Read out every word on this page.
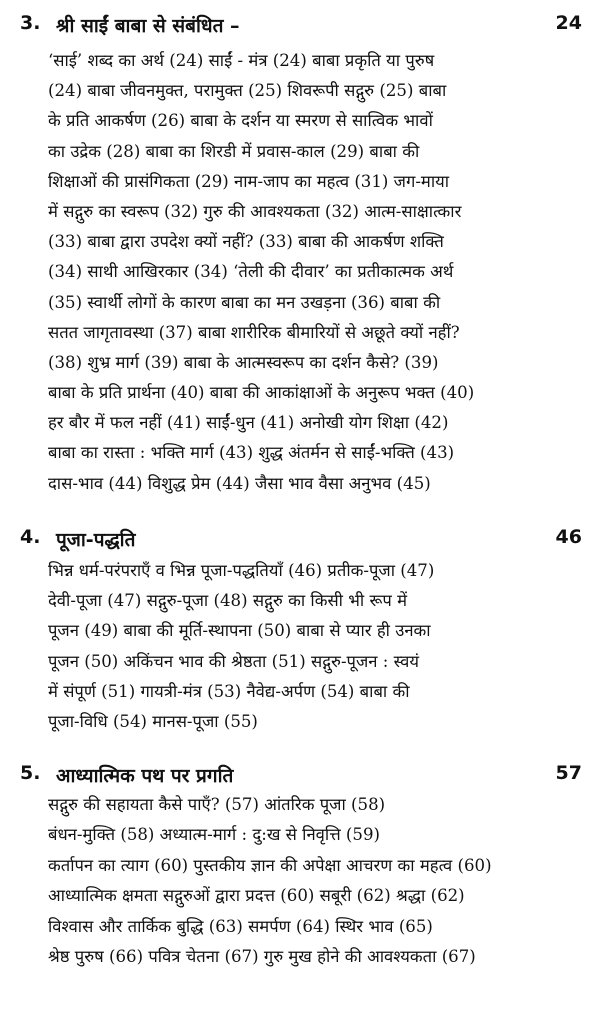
3. श्री साईं बाबा से संबंधित –	24
‘साई’ शब्द का अर्थ (24) साईं - मंत्र (24) बाबा प्रकृति या पुरुष
(24) बाबा जीवनमुक्त, परामुक्त (25) शिवरूपी सद्गुरु (25) बाबा
के प्रति आकर्षण (26) बाबा के दर्शन या स्मरण से सात्विक भावों
का उद्रेक (28) बाबा का शिरडी में प्रवास-काल (29) बाबा की
शिक्षाओं की प्रासंगिकता (29) नाम-जाप का महत्व (31) जग-माया
में सद्गुरु का स्वरूप (32) गुरु की आवश्यकता (32) आत्म-साक्षात्कार
(33) बाबा द्वारा उपदेश क्यों नहीं? (33) बाबा की आकर्षण शक्ति
(34) साथी आखिरकार (34) ‘तेली की दीवार’ का प्रतीकात्मक अर्थ
(35) स्वार्थी लोगों के कारण बाबा का मन उखड़ना (36) बाबा की
सतत जागृतावस्था (37) बाबा शारीरिक बीमारियों से अछूते क्यों नहीं?
(38) शुभ्र मार्ग (39) बाबा के आत्मस्वरूप का दर्शन कैसे? (39)
बाबा के प्रति प्रार्थना (40) बाबा की आकांक्षाओं के अनुरूप भक्त (40)
हर बौर में फल नहीं (41) साईं-धुन (41) अनोखी योग शिक्षा (42)
बाबा का रास्ता : भक्ति मार्ग (43) शुद्ध अंतर्मन से साईं-भक्ति (43)
दास-भाव (44) विशुद्ध प्रेम (44) जैसा भाव वैसा अनुभव (45)
4. पूजा-पद्धति	46
भिन्न धर्म-परंपराएँ व भिन्न पूजा-पद्धतियाँ (46) प्रतीक-पूजा (47)
देवी-पूजा (47) सद्गुरु-पूजा (48) सद्गुरु का किसी भी रूप में
पूजन (49) बाबा की मूर्ति-स्थापना (50) बाबा से प्यार ही उनका
पूजन (50) अकिंचन भाव की श्रेष्ठता (51) सद्गुरु-पूजन : स्वयं
में संपूर्ण (51) गायत्री-मंत्र (53) नैवेद्य-अर्पण (54) बाबा की
पूजा-विधि (54) मानस-पूजा (55)
5. आध्यात्मिक पथ पर प्रगति	57
सद्गुरु की सहायता कैसे पाएँ? (57) आंतरिक पूजा (58)
बंधन-मुक्ति (58) अध्यात्म-मार्ग : दु:ख से निवृत्ति (59)
कर्तापन का त्याग (60) पुस्तकीय ज्ञान की अपेक्षा आचरण का महत्व (60)
आध्यात्मिक क्षमता सद्गुरुओं द्वारा प्रदत्त (60) सबूरी (62) श्रद्धा (62)
विश्वास और तार्किक बुद्धि (63) समर्पण (64) स्थिर भाव (65)
श्रेष्ठ पुरुष (66) पवित्र चेतना (67) गुरु मुख होने की आवश्यकता (67)
